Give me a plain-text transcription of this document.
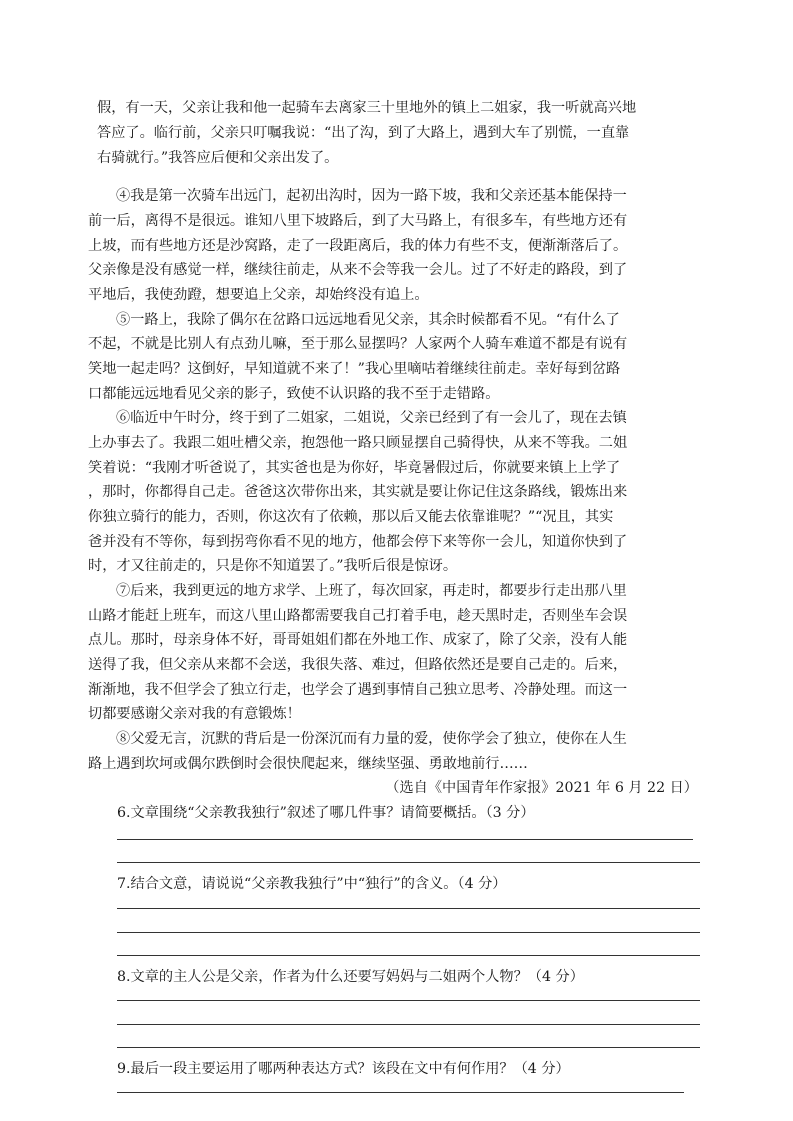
假，有一天，父亲让我和他一起骑车去离家三十里地外的镇上二姐家，我一听就高兴地
答应了。临行前，父亲只叮嘱我说：“出了沟，到了大路上，遇到大车了别慌，一直靠
右骑就行。”我答应后便和父亲出发了。
④我是第一次骑车出远门，起初出沟时，因为一路下坡，我和父亲还基本能保持一
前一后，离得不是很远。谁知八里下坡路后，到了大马路上，有很多车，有些地方还有
上坡，而有些地方还是沙窝路，走了一段距离后，我的体力有些不支，便渐渐落后了。
父亲像是没有感觉一样，继续往前走，从来不会等我一会儿。过了不好走的路段，到了
平地后，我使劲蹬，想要追上父亲，却始终没有追上。
⑤一路上，我除了偶尔在岔路口远远地看见父亲，其余时候都看不见。“有什么了
不起，不就是比别人有点劲儿嘛，至于那么显摆吗？人家两个人骑车难道不都是有说有
笑地一起走吗？这倒好，早知道就不来了！”我心里嘀咕着继续往前走。幸好每到岔路
口都能远远地看见父亲的影子，致使不认识路的我不至于走错路。
⑥临近中午时分，终于到了二姐家，二姐说，父亲已经到了有一会儿了，现在去镇
上办事去了。我跟二姐吐槽父亲，抱怨他一路只顾显摆自己骑得快，从来不等我。二姐
笑着说：“我刚才听爸说了，其实爸也是为你好，毕竟暑假过后，你就要来镇上上学了
，那时，你都得自己走。爸爸这次带你出来，其实就是要让你记住这条路线，锻炼出来
你独立骑行的能力，否则，你这次有了依赖，那以后又能去依靠谁呢？”“况且，其实
爸并没有不等你，每到拐弯你看不见的地方，他都会停下来等你一会儿，知道你快到了
时，才又往前走的，只是你不知道罢了。”我听后很是惊讶。
⑦后来，我到更远的地方求学、上班了，每次回家，再走时，都要步行走出那八里
山路才能赶上班车，而这八里山路都需要我自己打着手电，趁天黑时走，否则坐车会误
点儿。那时，母亲身体不好，哥哥姐姐们都在外地工作、成家了，除了父亲，没有人能
送得了我，但父亲从来都不会送，我很失落、难过，但路依然还是要自己走的。后来，
渐渐地，我不但学会了独立行走，也学会了遇到事情自己独立思考、冷静处理。而这一
切都要感谢父亲对我的有意锻炼！
⑧父爱无言，沉默的背后是一份深沉而有力量的爱，使你学会了独立，使你在人生
路上遇到坎坷或偶尔跌倒时会很快爬起来，继续坚强、勇敢地前行……
（选自《中国青年作家报》2021 年 6 月 22 日）
6.文章围绕“父亲教我独行”叙述了哪几件事？请简要概括。（3 分）
7.结合文意，请说说“父亲教我独行”中“独行”的含义。（4 分）
8.文章的主人公是父亲，作者为什么还要写妈妈与二姐两个人物？（4 分）
9.最后一段主要运用了哪两种表达方式？该段在文中有何作用？（4 分）
